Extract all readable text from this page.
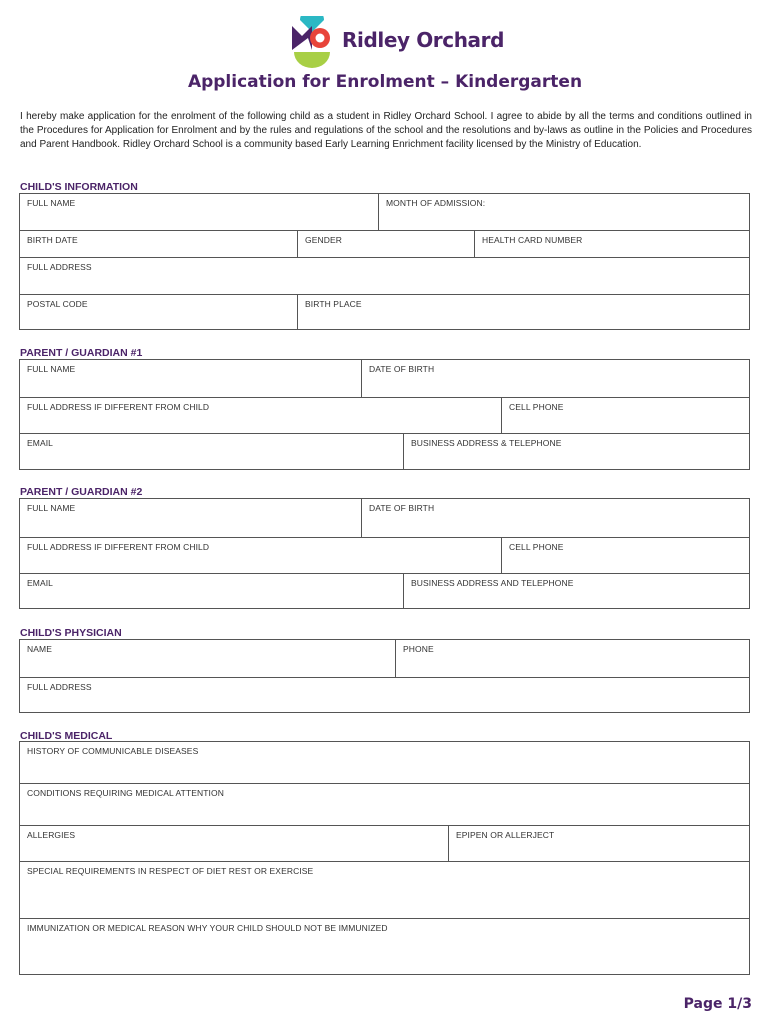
Ridley Orchard
Application for Enrolment – Kindergarten
I hereby make application for the enrolment of the following child as a student in Ridley Orchard School. I agree to abide by all the terms and conditions outlined in the Procedures for Application for Enrolment and by the rules and regulations of the school and the resolutions and by-laws as outline in the Policies and Procedures and Parent Handbook. Ridley Orchard School is a community based Early Learning Enrichment facility licensed by the Ministry of Education.
CHILD'S INFORMATION
FULL NAME	MONTH OF ADMISSION:
BIRTH DATE	GENDER	HEALTH CARD NUMBER
FULL ADDRESS
POSTAL CODE	BIRTH PLACE
PARENT / GUARDIAN #1
FULL NAME	DATE OF BIRTH
FULL ADDRESS IF DIFFERENT FROM CHILD	CELL PHONE
EMAIL	BUSINESS ADDRESS & TELEPHONE
PARENT / GUARDIAN #2
FULL NAME	DATE OF BIRTH
FULL ADDRESS IF DIFFERENT FROM CHILD	CELL PHONE
EMAIL	BUSINESS ADDRESS AND TELEPHONE
CHILD'S PHYSICIAN
NAME	PHONE
FULL ADDRESS
CHILD'S MEDICAL
HISTORY OF COMMUNICABLE DISEASES
CONDITIONS REQUIRING MEDICAL ATTENTION
ALLERGIES	EPIPEN OR ALLERJECT
SPECIAL REQUIREMENTS IN RESPECT OF DIET REST OR EXERCISE
IMMUNIZATION OR MEDICAL REASON WHY YOUR CHILD SHOULD NOT BE IMMUNIZED
Page 1/3
